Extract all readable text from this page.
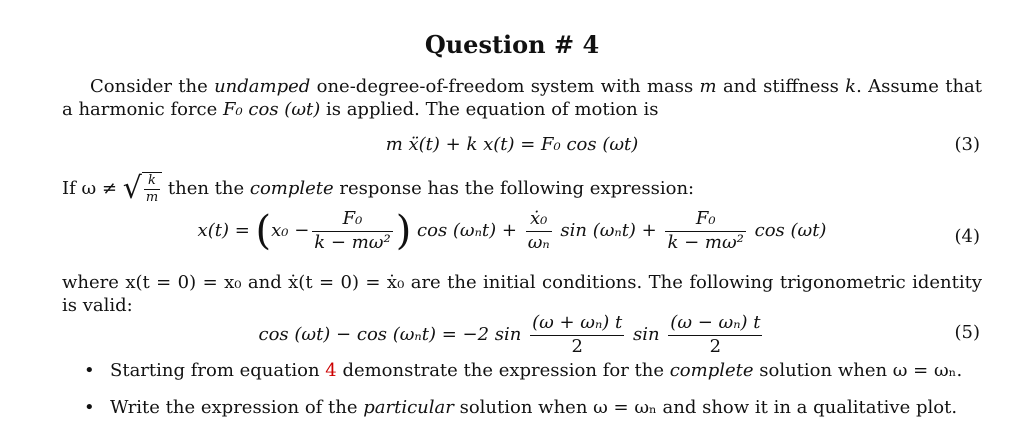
Question # 4
Consider the undamped one-degree-of-freedom system with mass m and stiffness k. Assume that a harmonic force F₀ cos (ωt) is applied. The equation of motion is
m ẍ(t) + k x(t) = F₀ cos (ωt)	(3)
If ω ≠ √ $\frac{k}{m}$ then the complete response has the following expression:
$x(t) = (x_0 - \frac{\text{F₀}}{\text{k − mω²}}$ ) $\cos (\omega_nt) + \frac{\text{ẋ₀}}{\text{ωₙ}}$ $\sin (\omega_nt) + \frac{\text{F₀}}{\text{k − mω²}}$ cos (ωt)	(4)
where x(t = 0) = x₀ and ẋ(t = 0) = ẋ₀ are the initial conditions. The following trigonometric identity is valid:
cos (ωt) − cos (ωₙt) = −2 $\sin \frac{\text{(ω + ωₙ) t}}{2}$ $\sin \frac{\text{(ω − ωₙ) t}}{2}$	(5)
• Starting from equation 4 demonstrate the expression for the complete solution when ω = ωₙ.
• Write the expression of the particular solution when ω = ωₙ and show it in a qualitative plot.
